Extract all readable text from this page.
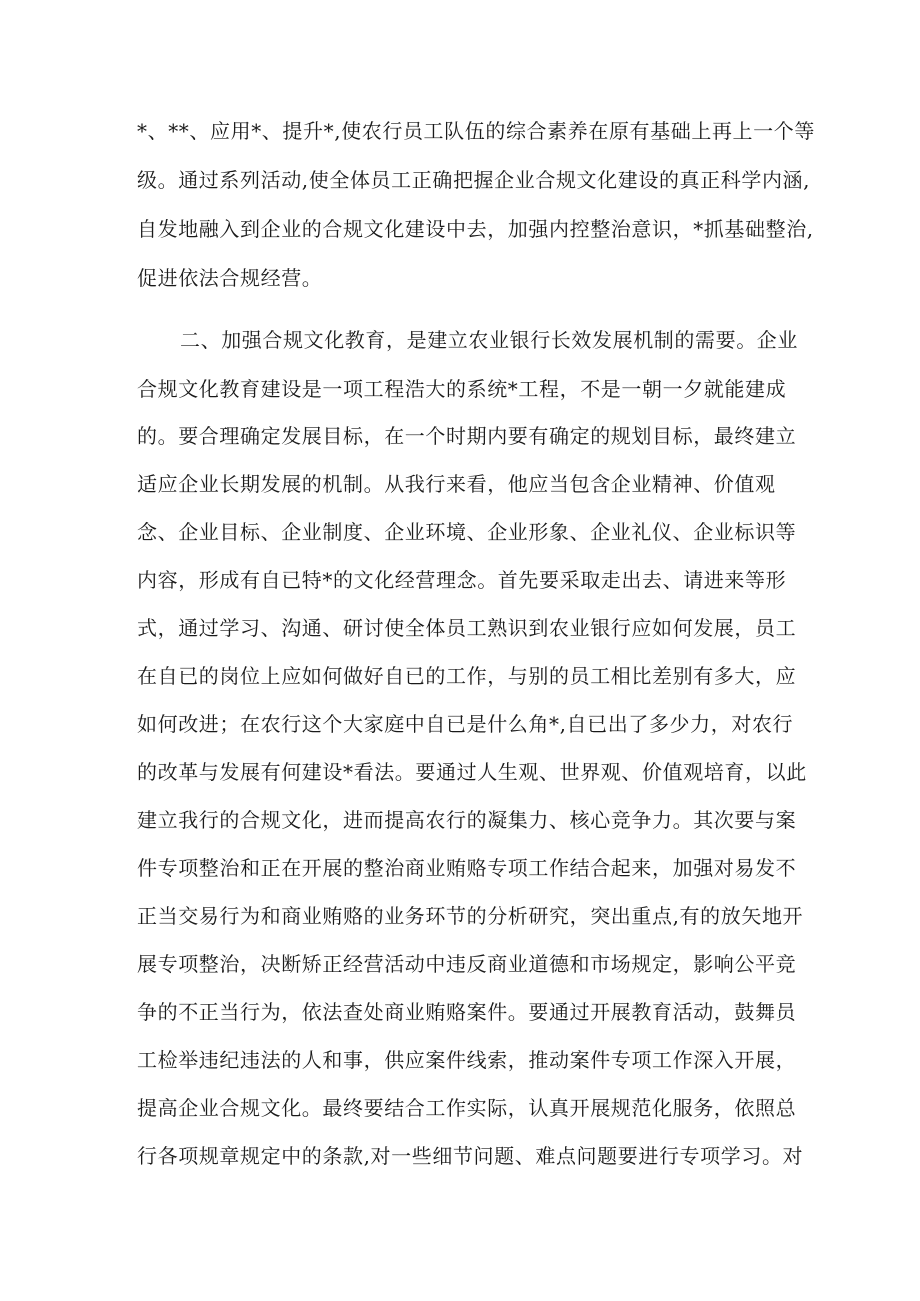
*、**、应用*、提升*,使农行员工队伍的综合素养在原有基础上再上一个等

级。通过系列活动,使全体员工正确把握企业合规文化建设的真正科学内涵,

自发地融入到企业的合规文化建设中去，加强内控整治意识，*抓基础整治,

促进依法合规经营。

二、加强合规文化教育，是建立农业银行长效发展机制的需要。企业

合规文化教育建设是一项工程浩大的系统*工程，不是一朝一夕就能建成

的。要合理确定发展目标，在一个时期内要有确定的规划目标，最终建立

适应企业长期发展的机制。从我行来看，他应当包含企业精神、价值观

念、企业目标、企业制度、企业环境、企业形象、企业礼仪、企业标识等

内容，形成有自已特*的文化经营理念。首先要采取走出去、请进来等形

式，通过学习、沟通、研讨使全体员工熟识到农业银行应如何发展，员工

在自已的岗位上应如何做好自已的工作，与别的员工相比差别有多大，应

如何改进；在农行这个大家庭中自已是什么角*,自已出了多少力，对农行

的改革与发展有何建设*看法。要通过人生观、世界观、价值观培育，以此

建立我行的合规文化，进而提高农行的凝集力、核心竞争力。其次要与案

件专项整治和正在开展的整治商业贿赂专项工作结合起来，加强对易发不

正当交易行为和商业贿赂的业务环节的分析研究，突出重点,有的放矢地开

展专项整治，决断矫正经营活动中违反商业道德和市场规定，影响公平竞

争的不正当行为，依法查处商业贿赂案件。要通过开展教育活动，鼓舞员

工检举违纪违法的人和事，供应案件线索，推动案件专项工作深入开展，

提高企业合规文化。最终要结合工作实际，认真开展规范化服务，依照总

行各项规章规定中的条款,对一些细节问题、难点问题要进行专项学习。对
